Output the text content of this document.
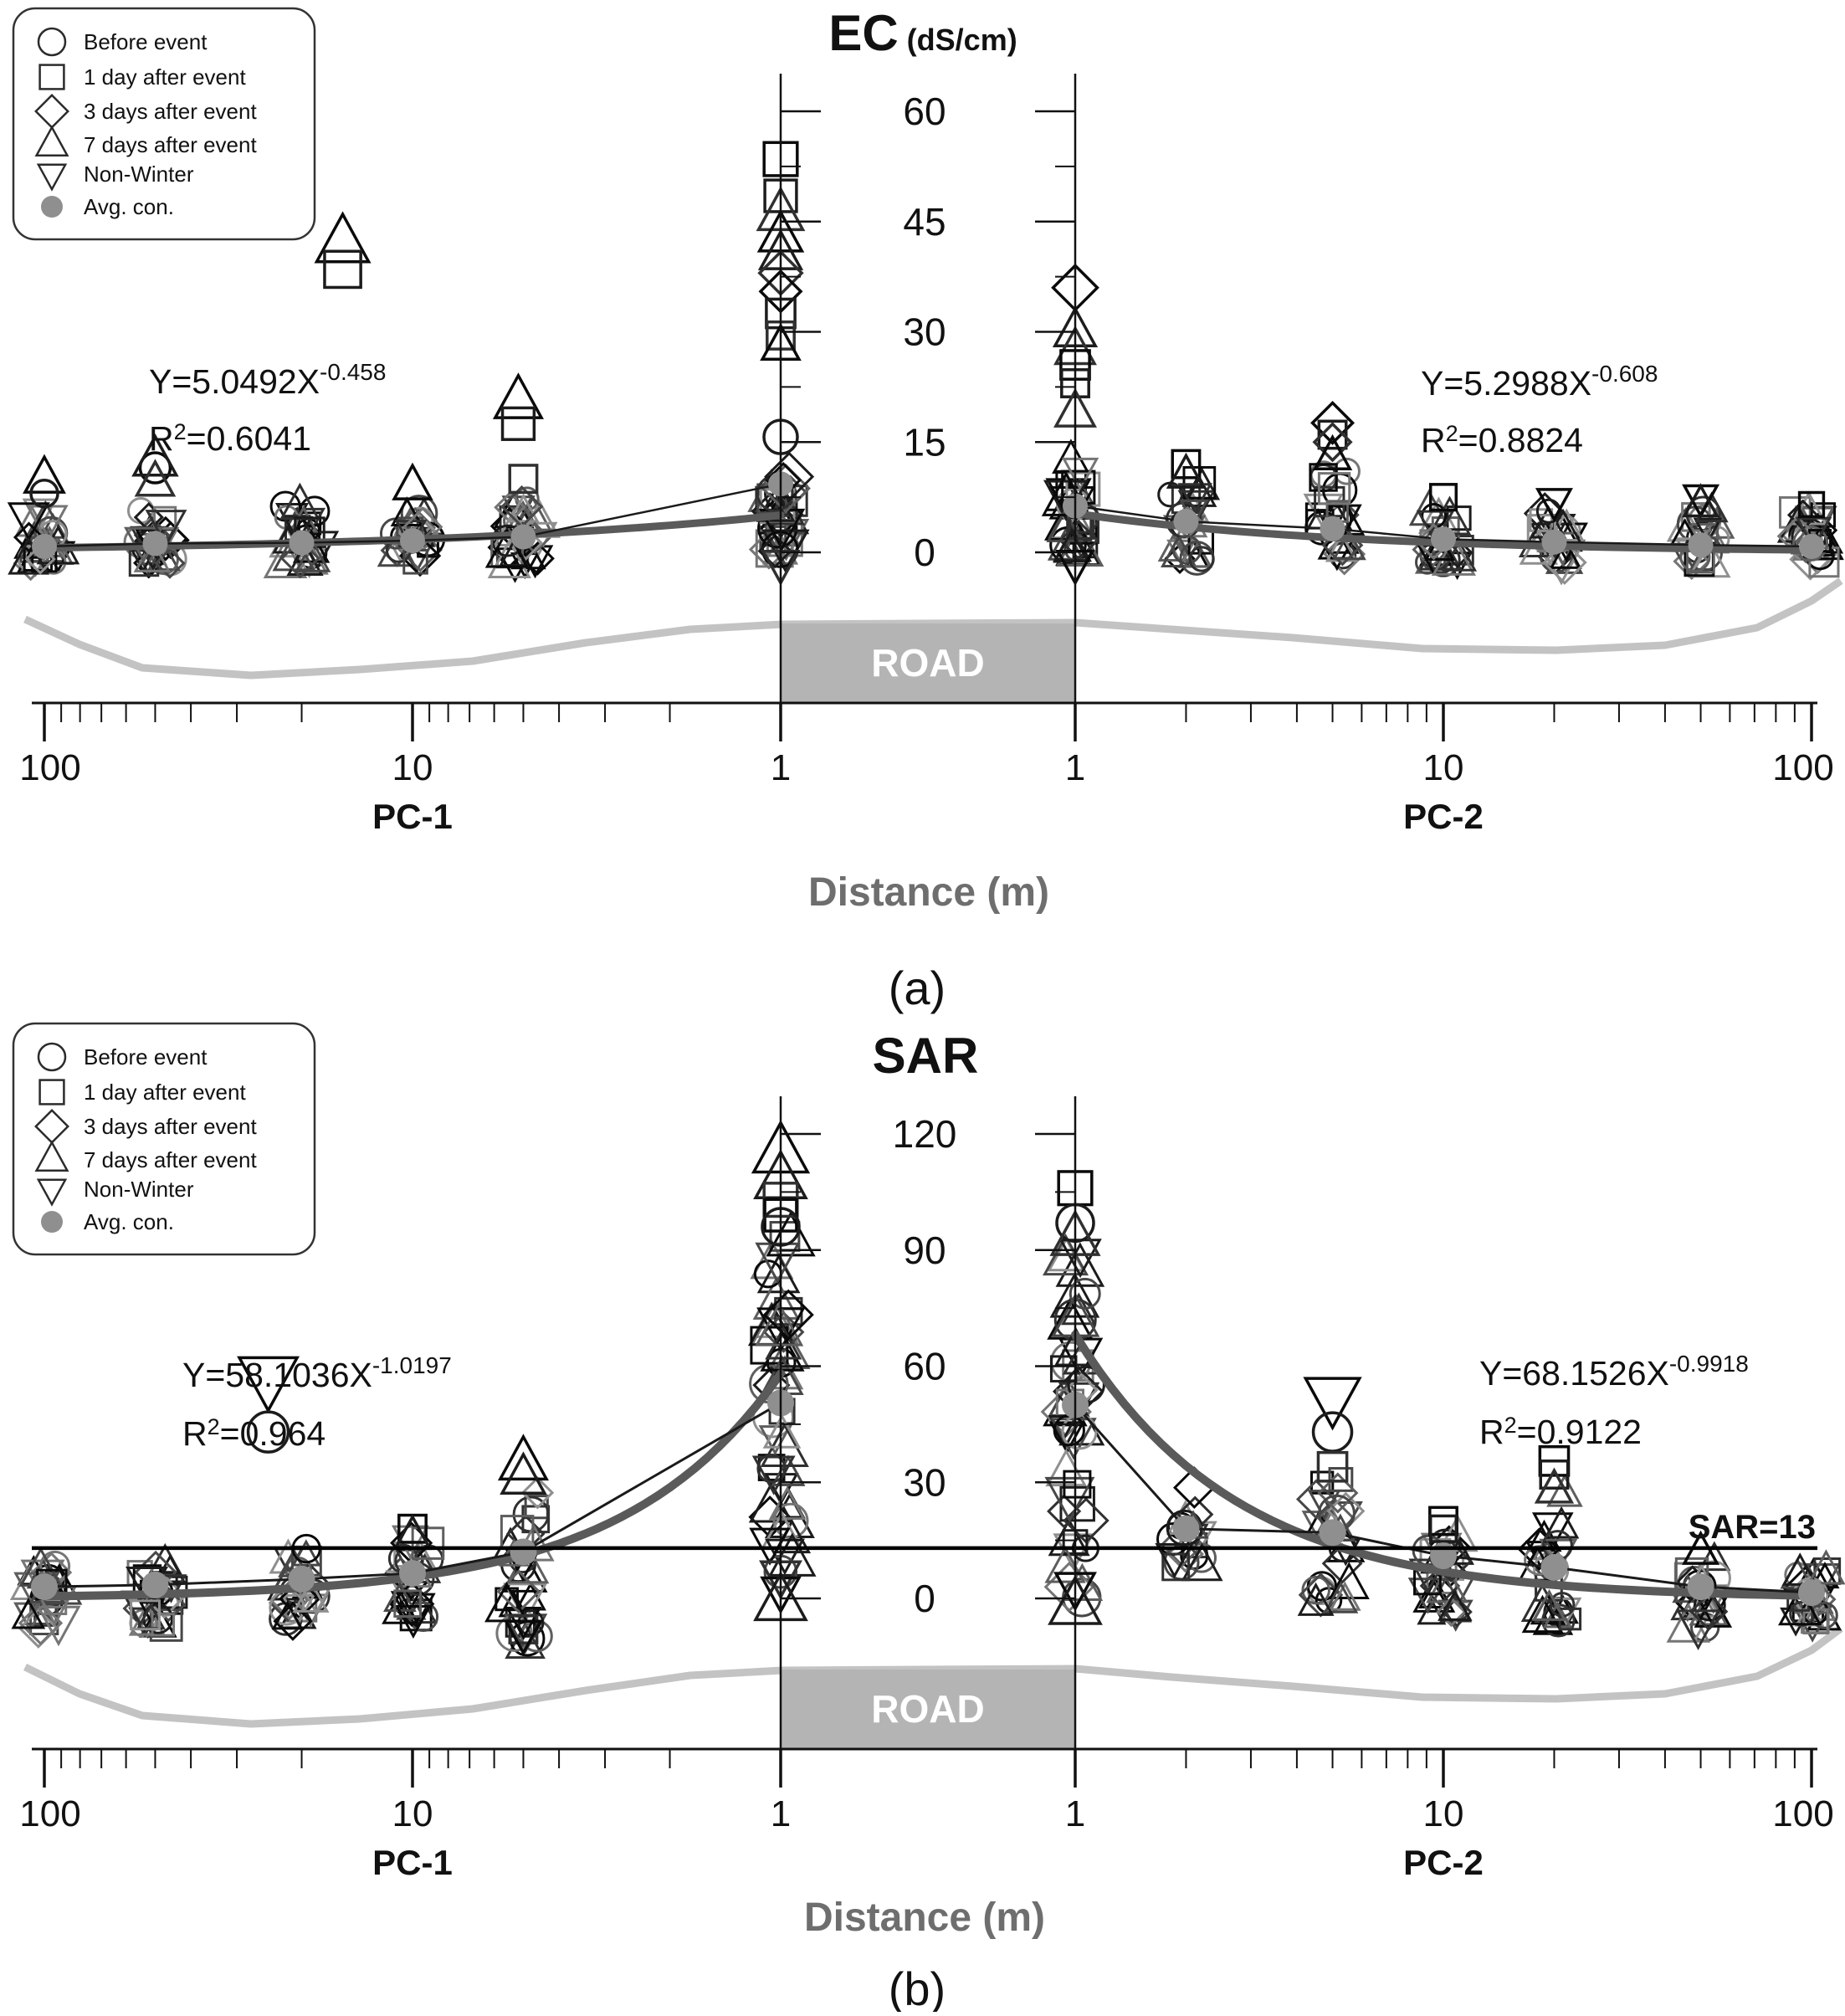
ROAD
0
15
30
45
60
100	10	1
PC-1
100
10
1
PC-2
EC (dS/cm)
$Y=5.0492X^{-0.458}$
$R^2=0.6041$
$Y=5.2988X^{-0.608}$
$R^2=0.8824$
Distance (m)
(a)
Before event
1 day after event
3 days after event
7 days after event
Non-Winter
Avg. con.
ROAD
SAR=13
0
30
60
90
120
100	10	1
PC-1
100
10
1
PC-2
SAR
$Y=58.1036X^{-1.0197}$
$R^2=0.964$
$Y=68.1526X^{-0.9918}$
$R^2=0.9122$
Distance (m)
(b)
Before event
1 day after event
3 days after event
7 days after event
Non-Winter
Avg. con.
